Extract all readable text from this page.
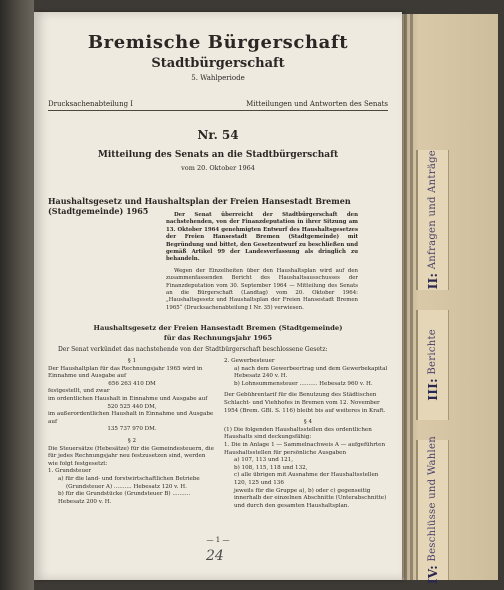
II: Anfragen und Anträge
III: Berichte
IV: Beschlüsse und Wahlen
Bremische Bürgerschaft
Stadtbürgerschaft
5. Wahlperiode
Drucksachenabteilung I	Mitteilungen und Antworten des Senats
Nr. 54
Mitteilung des Senats an die Stadtbürgerschaft
vom 20. Oktober 1964
Haushaltsgesetz und Haushaltsplan der Freien Hansestadt Bremen (Stadtgemeinde) 1965	Der Senat überreicht der Stadtbürgerschaft den nachstehenden, von der Finanzdeputation in ihrer Sitzung am 13. Oktober 1964 genehmigten Entwurf des Haushaltsgesetzes der Freien Hansestadt Bremen (Stadtgemeinde) mit Begründung und bittet, den Gesetzentwurf zu beschließen und gemäß Artikel 99 der Landesverfassung als dringlich zu behandeln.

Wegen der Einzelheiten über den Haushaltsplan wird auf den zusammenfassenden Bericht des Haushaltsausschusses der Finanzdeputation vom 30. September 1964 — Mitteilung des Senats an die Bürgerschaft (Landtag) vom 20. Oktober 1964: „Haushaltsgesetz und Haushaltsplan der Freien Hansestadt Bremen 1965“ (Drucksachenabteilung I Nr. 35) verwiesen.

Haushaltsgesetz der Freien Hansestadt Bremen (Stadtgemeinde)
für das Rechnungsjahr 1965
Der Senat verkündet das nachstehende von der Stadtbürgerschaft beschlossene Gesetz:

§ 1

Der Haushaltplan für das Rechnungsjahr 1965 wird in Einnahme und Ausgabe auf

656 263 410 DM

festgestellt, und zwar

im ordentlichen Haushalt in Einnahme und Ausgabe auf

520 525 440 DM,

im außerordentlichen Haushalt in Einnahme und Ausgabe auf

135 737 970 DM.

§ 2

Die Steuersätze (Hebesätze) für die Gemeindesteuern, die für jedes Rechnungsjahr neu festzusetzen sind, werden wie folgt festgesetzt:

1. Grundsteuer

a) für die land- und forstwirtschaftlichen Betriebe

(Grundsteuer A) .......... Hebesatz 120 v. H.

b) für die Grundstücke (Grundsteuer B) .......... Hebesatz 200 v. H.

2. Gewerbesteuer

a) nach dem Gewerbeertrag und dem Gewerbekapital Hebesatz 240 v. H.

b) Lohnsummensteuer .......... Hebesatz 960 v. H.

Der Gebührentarif für die Benutzung des Städtischen Schlacht- und Viehhofes in Bremen vom 12. November 1954 (Brem. GBl. S. 116) bleibt bis auf weiteres in Kraft.

§ 4

(1) Die folgenden Haushaltsstellen des ordentlichen Haushalts sind deckungsfähig:

1. Die in Anlage 1 — Sammelnachweis A — aufgeführten Haushaltsstellen für persönliche Ausgaben

a) 107, 113 und 121,

b) 108, 115, 118 und 132,

c) alle übrigen mit Ausnahme der Haushaltsstellen 120, 125 und 136

jeweils für die Gruppe a), b) oder c) gegenseitig innerhalb der einzelnen Abschnitte (Unterabschnitte) und durch den gesamten Haushaltsplan.

— 1 —
24
